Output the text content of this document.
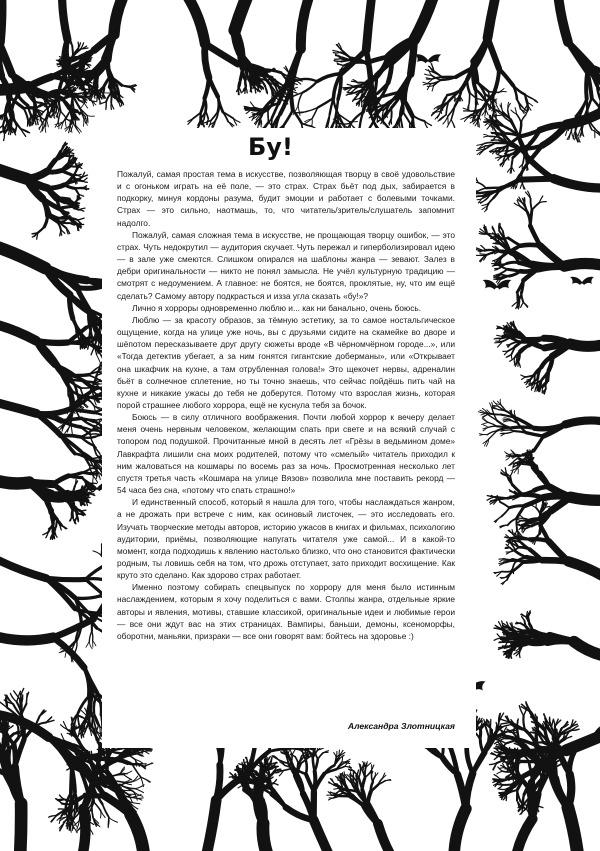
Бу!

Пожалуй, самая простая тема в искусстве, позволяющая творцу в своё удовольствие и с огоньком играть на её поле, — это страх. Страх бьёт под дых, забирается в подкорку, минуя кордоны разума, будит эмоции и работает с болевыми точками. Страх — это сильно, наотмашь, то, что читатель/зритель/слушатель запомнит надолго.

Пожалуй, самая сложная тема в искусстве, не прощающая творцу ошибок, — это страх. Чуть недокрутил — аудитория скучает. Чуть пережал и гиперболизировал идею — в зале уже смеются. Слишком опирался на шаблоны жанра — зевают. Залез в дебри оригинальности — никто не понял замысла. Не учёл культурную традицию — смотрят с недоумением. А главное: не боятся, не боятся, проклятые, ну, что им ещё сделать? Самому автору подкрасться и изза угла сказать «бу!»?

Лично я хорроры одновременно люблю и... как ни банально, очень боюсь.

Люблю — за красоту образов, за тёмную эстетику, за то самое ностальгическое ощущение, когда на улице уже ночь, вы с друзьями сидите на скамейке во дворе и шёпотом пересказываете друг другу сюжеты вроде «В чёрномчёрном городе...», или «Тогда детектив убегает, а за ним гонятся гигантские доберманы», или «Открывает она шкафчик на кухне, а там отрубленная голова!» Это щекочет нервы, адреналин бьёт в солнечное сплетение, но ты точно знаешь, что сейчас пойдёшь пить чай на кухне и никакие ужасы до тебя не доберутся. Потому что взрослая жизнь, которая порой страшнее любого хоррора, ещё не куснула тебя за бочок.

Боюсь — в силу отличного воображения. Почти любой хоррор к вечеру делает меня очень нервным человеком, желающим спать при свете и на всякий случай с топором под подушкой. Прочитанные мной в десять лет «Грёзы в ведьмином доме» Лавкрафта лишили сна моих родителей, потому что «смелый» читатель приходил к ним жаловаться на кошмары по восемь раз за ночь. Просмотренная несколько лет спустя третья часть «Кошмара на улице Вязов» позволила мне поставить рекорд — 54 часа без сна, «потому что спать страшно!»

И единственный способ, который я нашла для того, чтобы наслаждаться жанром, а не дрожать при встрече с ним, как осиновый листочек, — это исследовать его. Изучать творческие методы авторов, историю ужасов в книгах и фильмах, психологию аудитории, приёмы, позволяющие напугать читателя уже самой... И в какой-то момент, когда подходишь к явлению настолько близко, что оно становится фактически родным, ты ловишь себя на том, что дрожь отступает, зато приходит восхищение. Как круто это сделано. Как здорово страх работает.

Именно поэтому собирать спецвыпуск по хоррору для меня было истинным наслаждением, которым я хочу поделиться с вами. Столпы жанра, отдельные яркие авторы и явления, мотивы, ставшие классикой, оригинальные идеи и любимые герои — все они ждут вас на этих страницах. Вампиры, баньши, демоны, ксеноморфы, оборотни, маньяки, призраки — все они говорят вам: бойтесь на здоровье :)

Александра Злотницкая
